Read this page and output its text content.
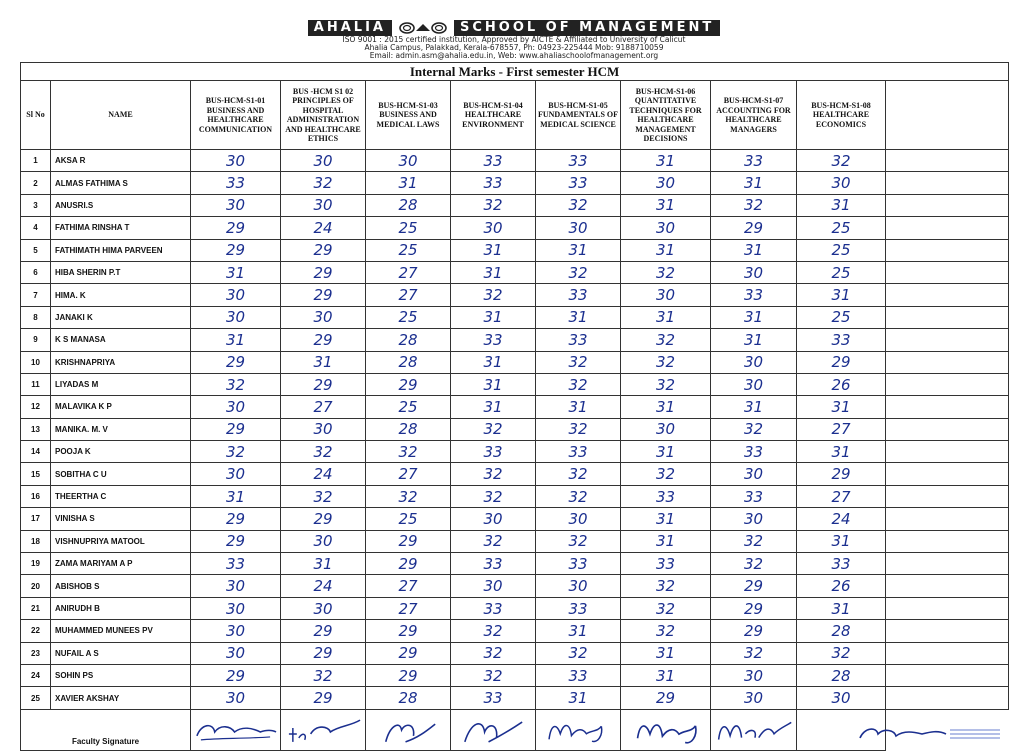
AHALIA	SCHOOL OF MANAGEMENT
ISO 9001 : 2015 certified institution, Approved by AICTE & Affiliated to University of Calicut
Ahalia Campus, Palakkad, Kerala-678557, Ph: 04923-225444 Mob: 9188710059
Email: admin.asm@ahalia.edu.in, Web: www.ahaliaschoolofmanagement.org
Internal Marks - First semester HCM										
Sl No	NAME	BUS-HCM-S1-01 BUSINESS AND HEALTHCARE COMMUNICATION	BUS -HCM S1 02 PRINCIPLES OF HOSPITAL ADMINISTRATION AND HEALTHCARE ETHICS	BUS-HCM-S1-03 BUSINESS AND MEDICAL LAWS	BUS-HCM-S1-04 HEALTHCARE ENVIRONMENT	BUS-HCM-S1-05 FUNDAMENTALS OF MEDICAL SCIENCE	BUS-HCM-S1-06 QUANTITATIVE TECHNIQUES FOR HEALTHCARE MANAGEMENT DECISIONS	BUS-HCM-S1-07 ACCOUNTING FOR HEALTHCARE MANAGERS	BUS-HCM-S1-08 HEALTHCARE ECONOMICS	
1	AKSA R	30	30	30	33	33	31	33	32	
2	ALMAS FATHIMA S	33	32	31	33	33	30	31	30	
3	ANUSRI.S	30	30	28	32	32	31	32	31	
4	FATHIMA RINSHA T	29	24	25	30	30	30	29	25	
5	FATHIMATH HIMA PARVEEN	29	29	25	31	31	31	31	25	
6	HIBA SHERIN P.T	31	29	27	31	32	32	30	25	
7	HIMA. K	30	29	27	32	33	30	33	31	
8	JANAKI K	30	30	25	31	31	31	31	25	
9	K S MANASA	31	29	28	33	33	32	31	33	
10	KRISHNAPRIYA	29	31	28	31	32	32	30	29	
11	LIYADAS M	32	29	29	31	32	32	30	26	
12	MALAVIKA K P	30	27	25	31	31	31	31	31	
13	MANIKA. M. V	29	30	28	32	32	30	32	27	
14	POOJA K	32	32	32	33	33	31	33	31	
15	SOBITHA C U	30	24	27	32	32	32	30	29	
16	THEERTHA C	31	32	32	32	32	33	33	27	
17	VINISHA S	29	29	25	30	30	31	30	24	
18	VISHNUPRIYA MATOOL	29	30	29	32	32	31	32	31	
19	ZAMA MARIYAM A P	33	31	29	33	33	33	32	33	
20	ABISHOB S	30	24	27	30	30	32	29	26	
21	ANIRUDH B	30	30	27	33	33	32	29	31	
22	MUHAMMED MUNEES PV	30	29	29	32	31	32	29	28	
23	NUFAIL A S	30	29	29	32	32	31	32	32	
24	SOHIN PS	29	32	29	32	33	31	30	28	
25	XAVIER AKSHAY	30	29	28	33	31	29	30	30	
Faculty Signature	
